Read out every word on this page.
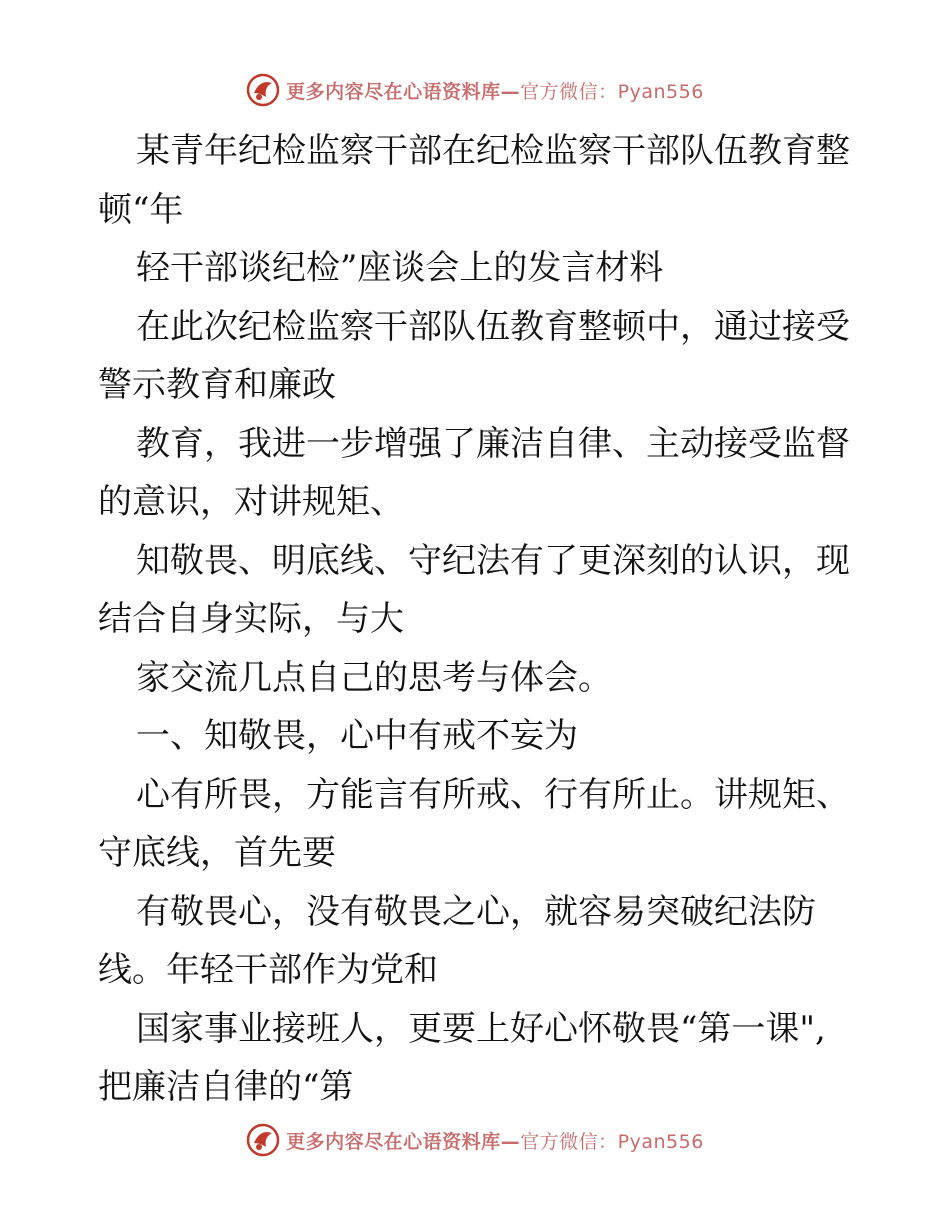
更多内容尽在心语资料库—官方微信：Pyan556
某青年纪检监察干部在纪检监察干部队伍教育整
顿“年
轻干部谈纪检”座谈会上的发言材料
在此次纪检监察干部队伍教育整顿中，通过接受
警示教育和廉政
教育，我进一步增强了廉洁自律、主动接受监督
的意识，对讲规矩、
知敬畏、明底线、守纪法有了更深刻的认识，现
结合自身实际，与大
家交流几点自己的思考与体会。
一、知敬畏，心中有戒不妄为
心有所畏，方能言有所戒、行有所止。讲规矩、
守底线，首先要
有敬畏心，没有敬畏之心，就容易突破纪法防
线。年轻干部作为党和
国家事业接班人，更要上好心怀敬畏“第一课",
把廉洁自律的“第
更多内容尽在心语资料库—官方微信：Pyan556
